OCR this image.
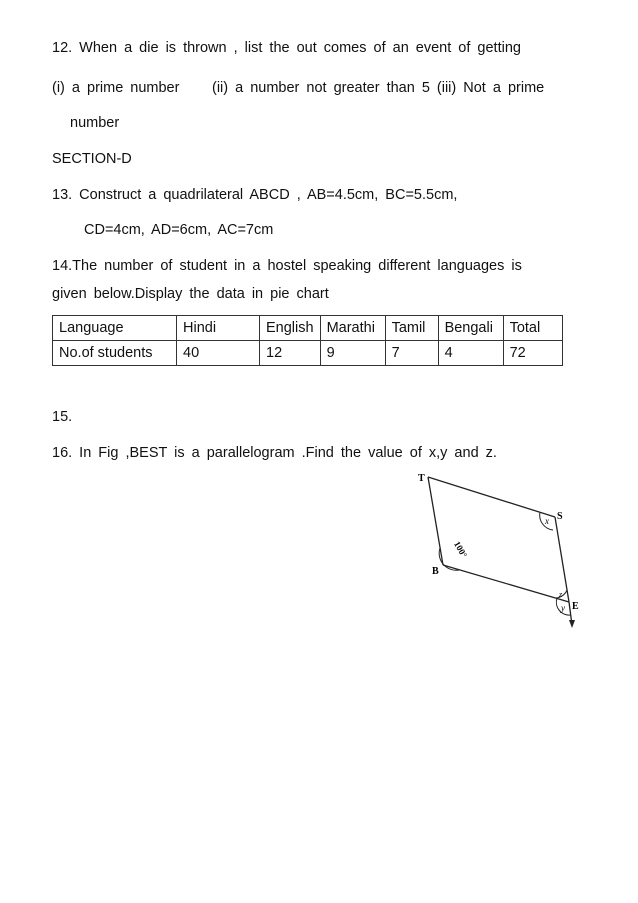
12. When a die is thrown , list the out comes of an event of getting
(i) a prime number (ii) a number not greater than 5 (iii) Not a prime
number
SECTION-D
13. Construct a quadrilateral ABCD , AB=4.5cm, BC=5.5cm,
CD=4cm, AD=6cm, AC=7cm
14.The number of student in a hostel speaking different languages is
given below.Display the data in pie chart
Language	Hindi	English	Marathi	Tamil	Bengali	Total
No.of students	40	12	9	7	4	72
15.
16. In Fig ,BEST is a parallelogram .Find the value of x,y and z.
T
S
B
E
100°
x
y
z
